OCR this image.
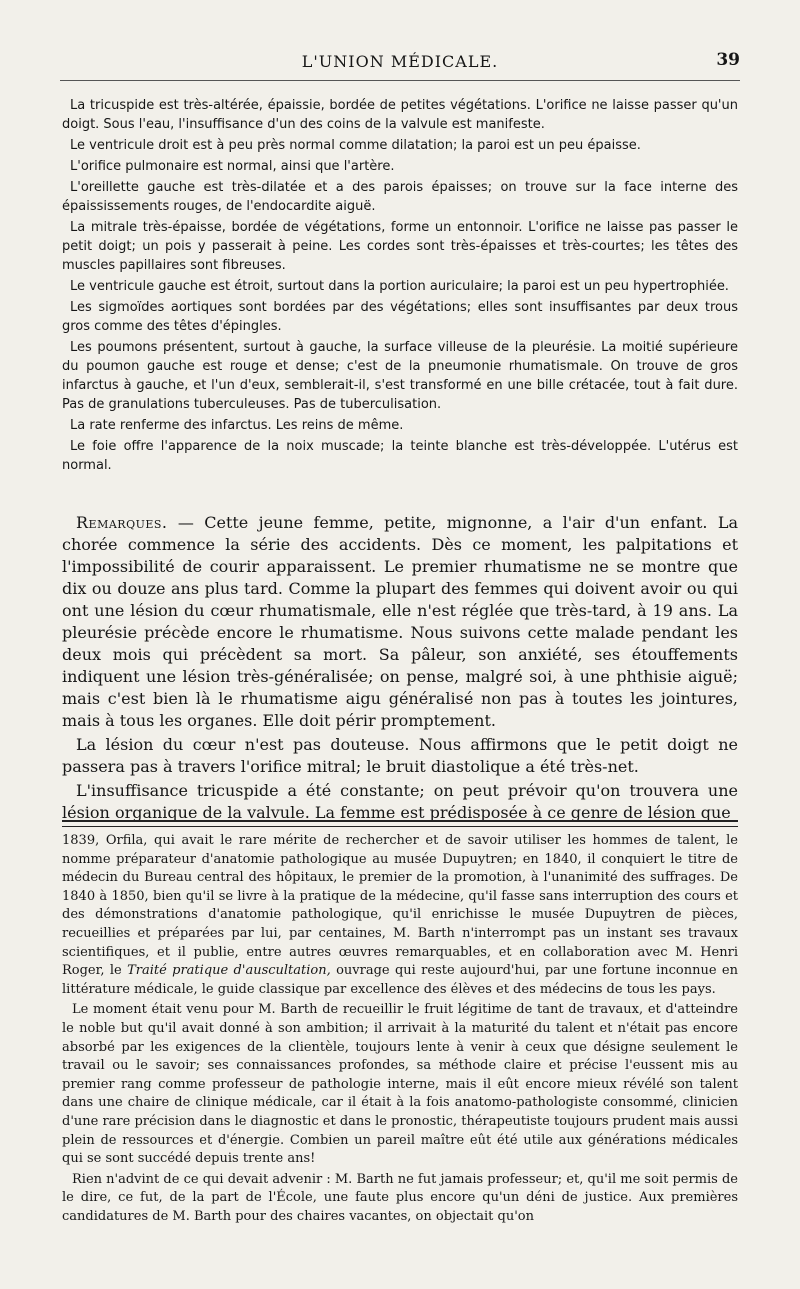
L'UNION MÉDICALE.	39

La tricuspide est très-altérée, épaissie, bordée de petites végétations. L'orifice ne laisse passer qu'un doigt. Sous l'eau, l'insuffisance d'un des coins de la valvule est manifeste.

Le ventricule droit est à peu près normal comme dilatation; la paroi est un peu épaisse.

L'orifice pulmonaire est normal, ainsi que l'artère.

L'oreillette gauche est très-dilatée et a des parois épaisses; on trouve sur la face interne des épaississements rouges, de l'endocardite aiguë.

La mitrale très-épaisse, bordée de végétations, forme un entonnoir. L'orifice ne laisse pas passer le petit doigt; un pois y passerait à peine. Les cordes sont très-épaisses et très-courtes; les têtes des muscles papillaires sont fibreuses.

Le ventricule gauche est étroit, surtout dans la portion auriculaire; la paroi est un peu hypertrophiée.

Les sigmoïdes aortiques sont bordées par des végétations; elles sont insuffisantes par deux trous gros comme des têtes d'épingles.

Les poumons présentent, surtout à gauche, la surface villeuse de la pleurésie. La moitié supérieure du poumon gauche est rouge et dense; c'est de la pneumonie rhumatismale. On trouve de gros infarctus à gauche, et l'un d'eux, semblerait-il, s'est transformé en une bille crétacée, tout à fait dure. Pas de granulations tuberculeuses. Pas de tuberculisation.

La rate renferme des infarctus. Les reins de même.

Le foie offre l'apparence de la noix muscade; la teinte blanche est très-développée. L'utérus est normal.

Remarques. — Cette jeune femme, petite, mignonne, a l'air d'un enfant. La chorée commence la série des accidents. Dès ce moment, les palpitations et l'impossibilité de courir apparaissent. Le premier rhumatisme ne se montre que dix ou douze ans plus tard. Comme la plupart des femmes qui doivent avoir ou qui ont une lésion du cœur rhumatismale, elle n'est réglée que très-tard, à 19 ans. La pleurésie précède encore le rhumatisme. Nous suivons cette malade pendant les deux mois qui précèdent sa mort. Sa pâleur, son anxiété, ses étouffements indiquent une lésion très-généralisée; on pense, malgré soi, à une phthisie aiguë; mais c'est bien là le rhumatisme aigu généralisé non pas à toutes les jointures, mais à tous les organes. Elle doit périr promptement.

La lésion du cœur n'est pas douteuse. Nous affirmons que le petit doigt ne passera pas à travers l'orifice mitral; le bruit diastolique a été très-net.

L'insuffisance tricuspide a été constante; on peut prévoir qu'on trouvera une lésion organique de la valvule. La femme est prédisposée à ce genre de lésion que

1839, Orfila, qui avait le rare mérite de rechercher et de savoir utiliser les hommes de talent, le nomme préparateur d'anatomie pathologique au musée Dupuytren; en 1840, il conquiert le titre de médecin du Bureau central des hôpitaux, le premier de la promotion, à l'unanimité des suffrages. De 1840 à 1850, bien qu'il se livre à la pratique de la médecine, qu'il fasse sans interruption des cours et des démonstrations d'anatomie pathologique, qu'il enrichisse le musée Dupuytren de pièces, recueillies et préparées par lui, par centaines, M. Barth n'interrompt pas un instant ses travaux scientifiques, et il publie, entre autres œuvres remarquables, et en collaboration avec M. Henri Roger, le Traité pratique d'auscultation, ouvrage qui reste aujourd'hui, par une fortune inconnue en littérature médicale, le guide classique par excellence des élèves et des médecins de tous les pays.

Le moment était venu pour M. Barth de recueillir le fruit légitime de tant de travaux, et d'atteindre le noble but qu'il avait donné à son ambition; il arrivait à la maturité du talent et n'était pas encore absorbé par les exigences de la clientèle, toujours lente à venir à ceux que désigne seulement le travail ou le savoir; ses connaissances profondes, sa méthode claire et précise l'eussent mis au premier rang comme professeur de pathologie interne, mais il eût encore mieux révélé son talent dans une chaire de clinique médicale, car il était à la fois anatomo-pathologiste consommé, clinicien d'une rare précision dans le diagnostic et dans le pronostic, thérapeutiste toujours prudent mais aussi plein de ressources et d'énergie. Combien un pareil maître eût été utile aux générations médicales qui se sont succédé depuis trente ans!

Rien n'advint de ce qui devait advenir : M. Barth ne fut jamais professeur; et, qu'il me soit permis de le dire, ce fut, de la part de l'École, une faute plus encore qu'un déni de justice. Aux premières candidatures de M. Barth pour des chaires vacantes, on objectait qu'on
